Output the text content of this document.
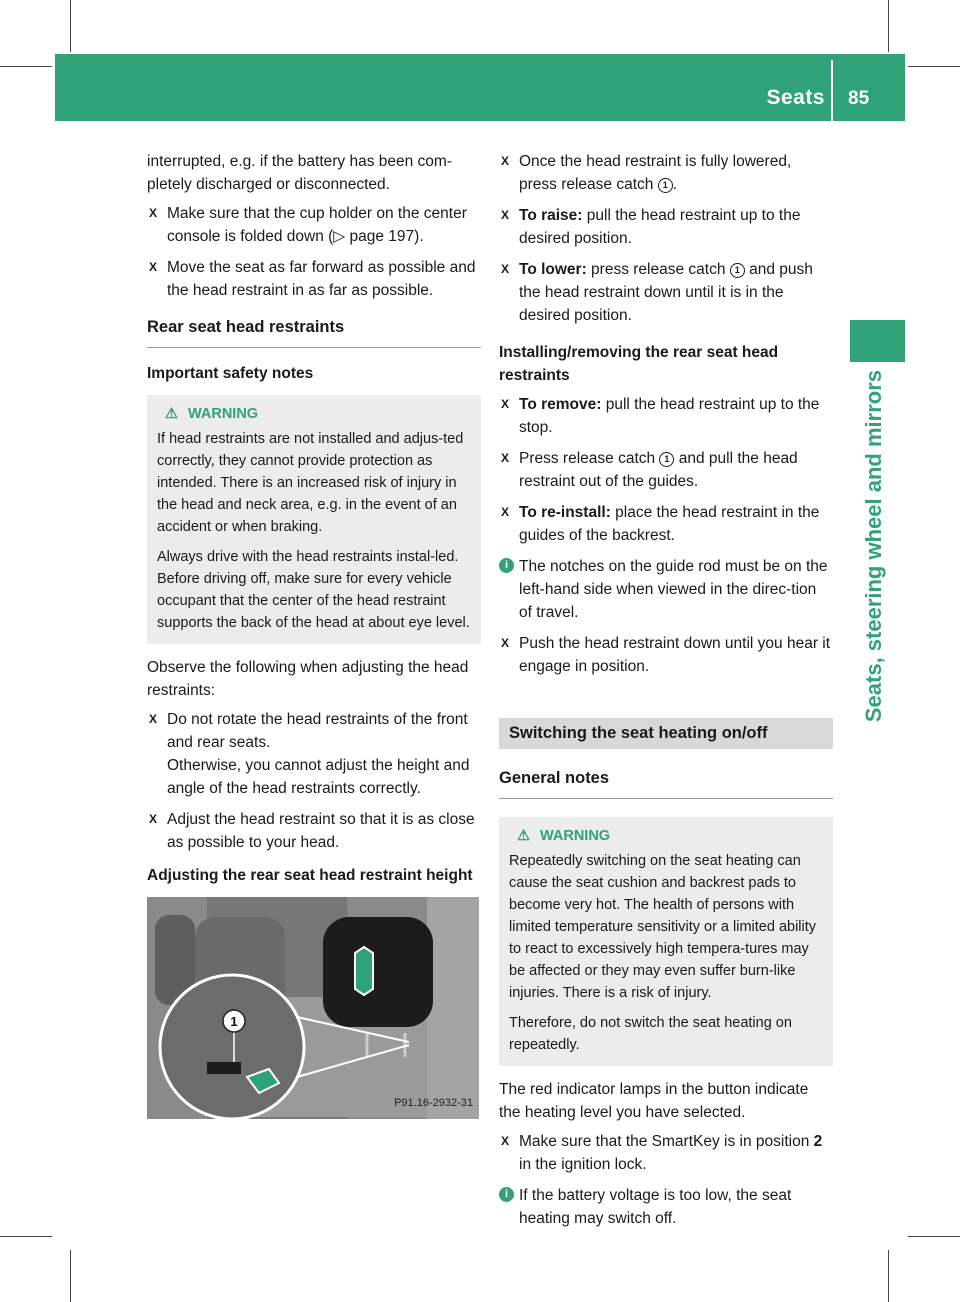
Seats 85
Seats, steering wheel and mirrors

interrupted, e.g. if the battery has been com-pletely discharged or disconnected.

X Make sure that the cup holder on the center console is folded down (▷ page 197).
X Move the seat as far forward as possible and the head restraint in as far as possible.
Rear seat head restraints
Important safety notes
⚠ WARNING

If head restraints are not installed and adjus-ted correctly, they cannot provide protection as intended. There is an increased risk of injury in the head and neck area, e.g. in the event of an accident or when braking.

Always drive with the head restraints instal-led. Before driving off, make sure for every vehicle occupant that the center of the head restraint supports the back of the head at about eye level.

Observe the following when adjusting the head restraints:

X Do not rotate the head restraints of the front and rear seats.
Otherwise, you cannot adjust the height and angle of the head restraints correctly.
X Adjust the head restraint so that it is as close as possible to your head.
Adjusting the rear seat head restraint height
1
P91.16-2932-31
X Once the head restraint is fully lowered, press release catch 1 .
X To raise: pull the head restraint up to the desired position.
X To lower: press release catch 1 and push the head restraint down until it is in the desired position.
Installing/removing the rear seat head restraints
X To remove: pull the head restraint up to the stop.
X Press release catch 1 and pull the head restraint out of the guides.
X To re-install: place the head restraint in the guides of the backrest.
i The notches on the guide rod must be on the left-hand side when viewed in the direc-tion of travel.
X Push the head restraint down until you hear it engage in position.
Switching the seat heating on/off
General notes
⚠ WARNING

Repeatedly switching on the seat heating can cause the seat cushion and backrest pads to become very hot. The health of persons with limited temperature sensitivity or a limited ability to react to excessively high tempera-tures may be affected or they may even suffer burn-like injuries. There is a risk of injury.

Therefore, do not switch the seat heating on repeatedly.

The red indicator lamps in the button indicate the heating level you have selected.

X Make sure that the SmartKey is in position 2 in the ignition lock.
i If the battery voltage is too low, the seat heating may switch off.
